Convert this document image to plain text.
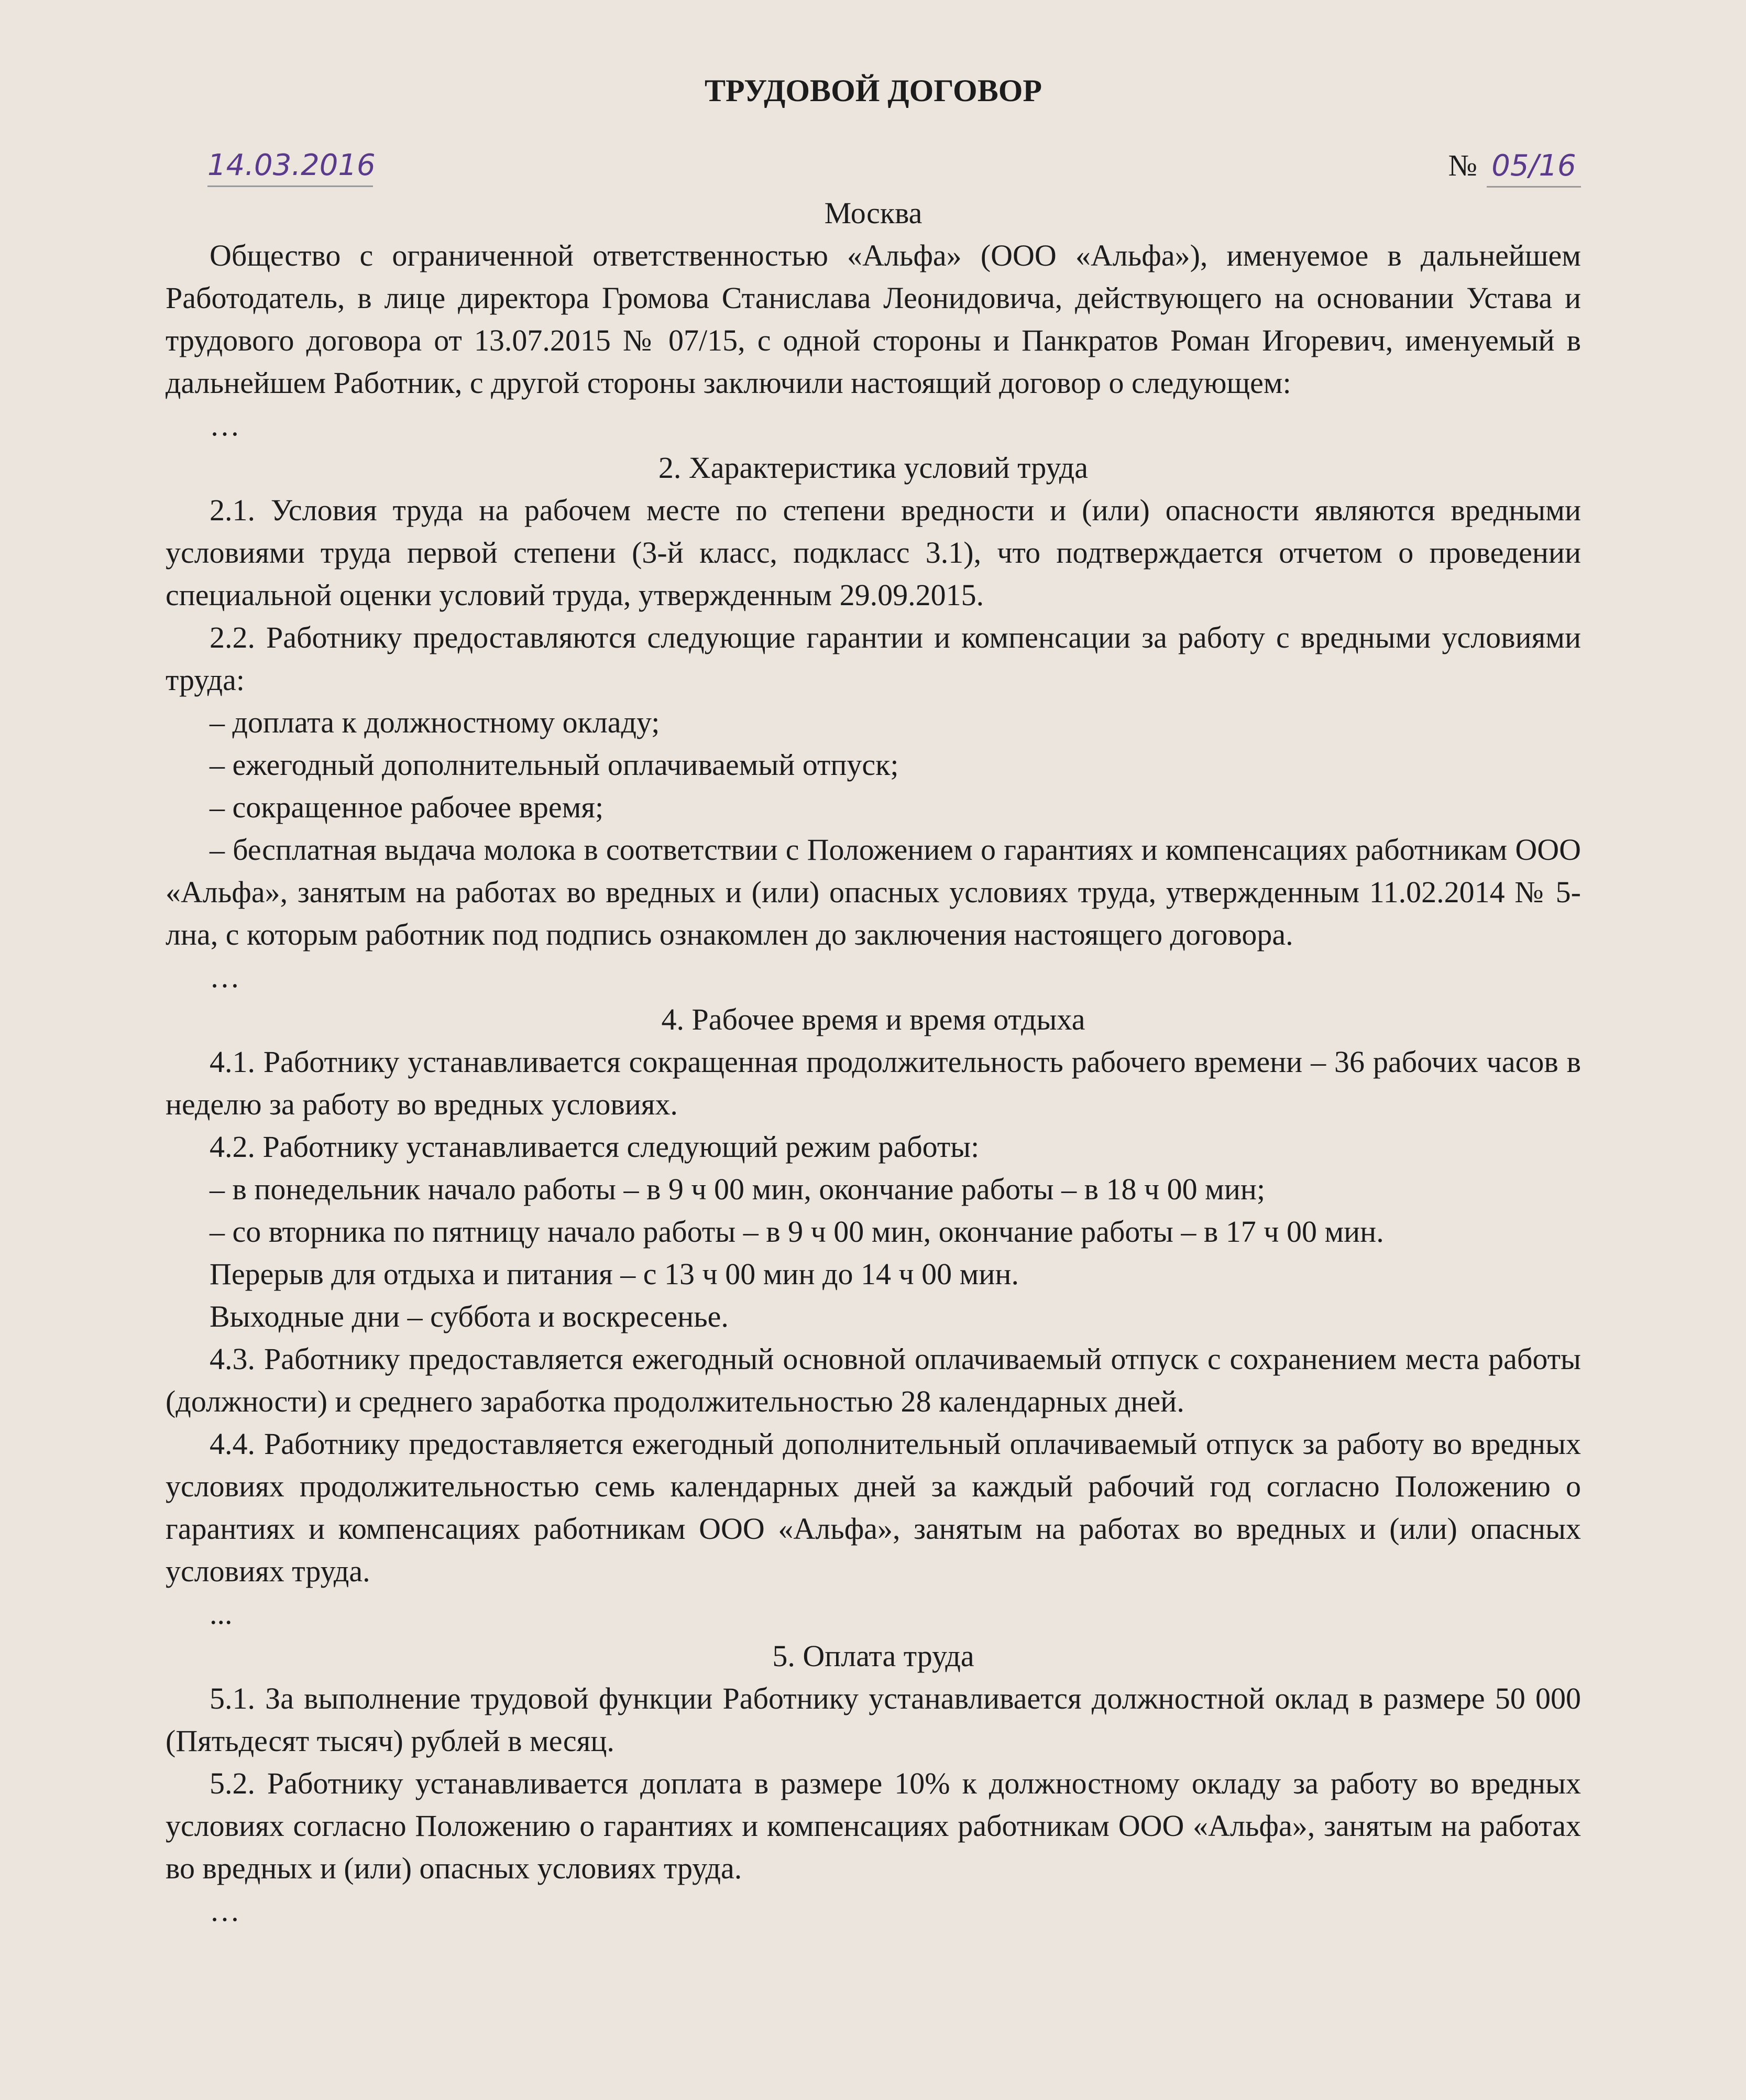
ТРУДОВОЙ ДОГОВОР
14.03.2016	№ 05/16

Москва

Общество с ограниченной ответственностью «Альфа» (ООО «Альфа»), именуемое в дальнейшем Работодатель, в лице директора Громова Станислава Леонидовича, действующего на основании Устава и трудового договора от 13.07.2015 № 07/15, с одной стороны и Панкратов Роман Игоревич, именуемый в дальнейшем Работник, с другой стороны заключили настоящий договор о следующем:

…

2. Характеристика условий труда

2.1. Условия труда на рабочем месте по степени вредности и (или) опасности являются вредными условиями труда первой степени (3-й класс, подкласс 3.1), что подтверждается отчетом о проведении специальной оценки условий труда, утвержденным 29.09.2015.

2.2. Работнику предоставляются следующие гарантии и компенсации за работу с вредными условиями труда:

– доплата к должностному окладу;

– ежегодный дополнительный оплачиваемый отпуск;

– сокращенное рабочее время;

– бесплатная выдача молока в соответствии с Положением о гарантиях и компенсациях работникам ООО «Альфа», занятым на работах во вредных и (или) опасных условиях труда, утвержденным 11.02.2014 № 5-лна, с которым работник под подпись ознакомлен до заключения настоящего договора.

…

4. Рабочее время и время отдыха

4.1. Работнику устанавливается сокращенная продолжительность рабочего времени – 36 рабочих часов в неделю за работу во вредных условиях.

4.2. Работнику устанавливается следующий режим работы:

– в понедельник начало работы – в 9 ч 00 мин, окончание работы – в 18 ч 00 мин;

– со вторника по пятницу начало работы – в 9 ч 00 мин, окончание работы – в 17 ч 00 мин.

Перерыв для отдыха и питания – с 13 ч 00 мин до 14 ч 00 мин.

Выходные дни – суббота и воскресенье.

4.3. Работнику предоставляется ежегодный основной оплачиваемый отпуск с сохранением места работы (должности) и среднего заработка продолжительностью 28 календарных дней.

4.4. Работнику предоставляется ежегодный дополнительный оплачиваемый отпуск за работу во вредных условиях продолжительностью семь календарных дней за каждый рабочий год согласно Положению о гарантиях и компенсациях работникам ООО «Альфа», занятым на работах во вредных и (или) опасных условиях труда.

...

5. Оплата труда

5.1. За выполнение трудовой функции Работнику устанавливается должностной оклад в размере 50 000 (Пятьдесят тысяч) рублей в месяц.

5.2. Работнику устанавливается доплата в размере 10% к должностному окладу за работу во вредных условиях согласно Положению о гарантиях и компенсациях работникам ООО «Альфа», занятым на работах во вредных и (или) опасных условиях труда.

…
